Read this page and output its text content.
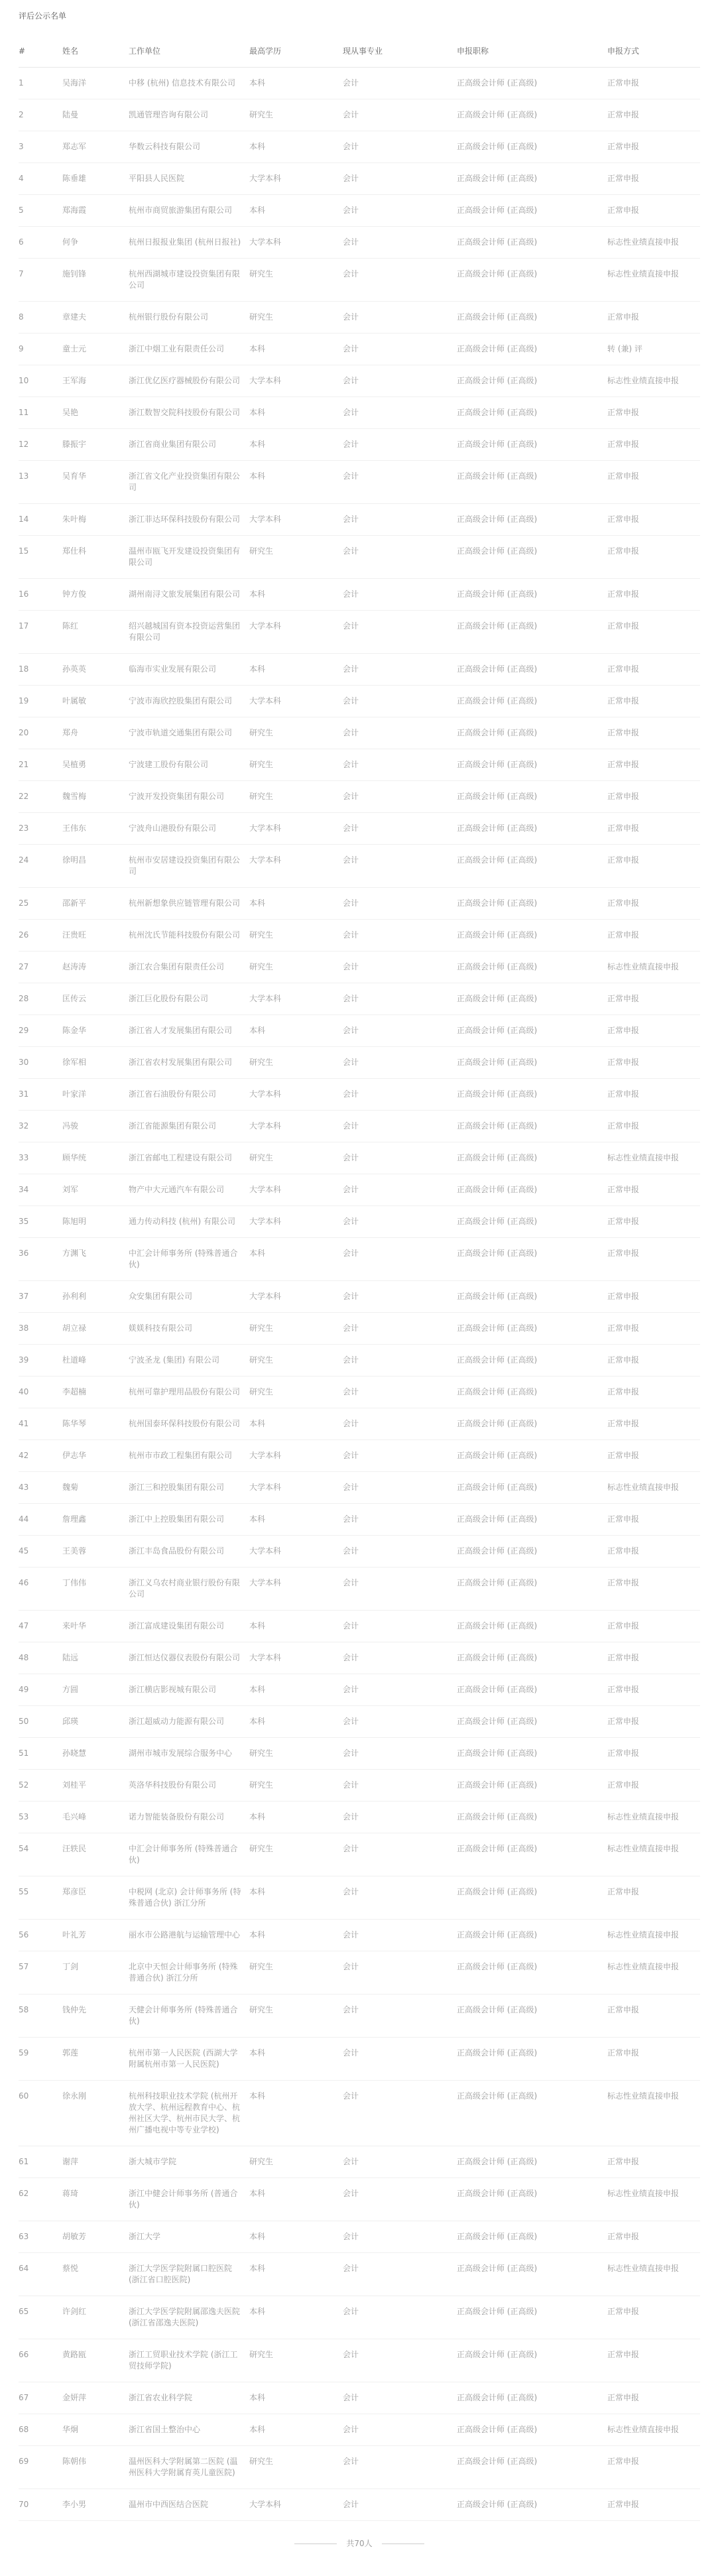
评后公示名单
#	姓名	工作单位	最高学历	现从事专业	申报职称	申报方式
1	吴海洋	中移 (杭州) 信息技术有限公司	本科	会计	正高级会计师 (正高级)	正常申报
2	陆曼	凯通管理咨询有限公司	研究生	会计	正高级会计师 (正高级)	正常申报
3	郑志军	华数云科技有限公司	本科	会计	正高级会计师 (正高级)	正常申报
4	陈垂雄	平阳县人民医院	大学本科	会计	正高级会计师 (正高级)	正常申报
5	郑海霞	杭州市商贸旅游集团有限公司	本科	会计	正高级会计师 (正高级)	正常申报
6	何争	杭州日报报业集团 (杭州日报社)	大学本科	会计	正高级会计师 (正高级)	标志性业绩直接申报
7	施钊锋	杭州西湖城市建设投资集团有限公司	研究生	会计	正高级会计师 (正高级)	标志性业绩直接申报
8	章建夫	杭州银行股份有限公司	研究生	会计	正高级会计师 (正高级)	正常申报
9	童士元	浙江中烟工业有限责任公司	本科	会计	正高级会计师 (正高级)	转 (兼) 评
10	王军海	浙江优亿医疗器械股份有限公司	大学本科	会计	正高级会计师 (正高级)	标志性业绩直接申报
11	吴艳	浙江数智交院科技股份有限公司	本科	会计	正高级会计师 (正高级)	正常申报
12	滕振宇	浙江省商业集团有限公司	本科	会计	正高级会计师 (正高级)	正常申报
13	吴育华	浙江省文化产业投资集团有限公司	本科	会计	正高级会计师 (正高级)	正常申报
14	朱叶梅	浙江菲达环保科技股份有限公司	大学本科	会计	正高级会计师 (正高级)	正常申报
15	郑仕科	温州市瓯飞开发建设投资集团有限公司	研究生	会计	正高级会计师 (正高级)	正常申报
16	钟方俊	湖州南浔文旅发展集团有限公司	本科	会计	正高级会计师 (正高级)	正常申报
17	陈红	绍兴越城国有资本投资运营集团有限公司	大学本科	会计	正高级会计师 (正高级)	正常申报
18	孙英英	临海市实业发展有限公司	本科	会计	正高级会计师 (正高级)	正常申报
19	叶属敏	宁波市海欣控股集团有限公司	大学本科	会计	正高级会计师 (正高级)	正常申报
20	郑舟	宁波市轨道交通集团有限公司	研究生	会计	正高级会计师 (正高级)	正常申报
21	吴植勇	宁波建工股份有限公司	研究生	会计	正高级会计师 (正高级)	正常申报
22	魏雪梅	宁波开发投资集团有限公司	研究生	会计	正高级会计师 (正高级)	正常申报
23	王伟东	宁波舟山港股份有限公司	大学本科	会计	正高级会计师 (正高级)	正常申报
24	徐明昌	杭州市安居建设投资集团有限公司	大学本科	会计	正高级会计师 (正高级)	正常申报
25	邵新平	杭州新想象供应链管理有限公司	本科	会计	正高级会计师 (正高级)	正常申报
26	汪贵旺	杭州沈氏节能科技股份有限公司	研究生	会计	正高级会计师 (正高级)	正常申报
27	赵涛涛	浙江农合集团有限责任公司	研究生	会计	正高级会计师 (正高级)	标志性业绩直接申报
28	匡传云	浙江巨化股份有限公司	大学本科	会计	正高级会计师 (正高级)	正常申报
29	陈金华	浙江省人才发展集团有限公司	本科	会计	正高级会计师 (正高级)	正常申报
30	徐军相	浙江省农村发展集团有限公司	研究生	会计	正高级会计师 (正高级)	正常申报
31	叶家洋	浙江省石油股份有限公司	大学本科	会计	正高级会计师 (正高级)	正常申报
32	冯骏	浙江省能源集团有限公司	大学本科	会计	正高级会计师 (正高级)	正常申报
33	顾华统	浙江省邮电工程建设有限公司	研究生	会计	正高级会计师 (正高级)	标志性业绩直接申报
34	刘军	物产中大元通汽车有限公司	大学本科	会计	正高级会计师 (正高级)	正常申报
35	陈旭明	通力传动科技 (杭州) 有限公司	大学本科	会计	正高级会计师 (正高级)	正常申报
36	方渊飞	中汇会计师事务所 (特殊普通合伙)	本科	会计	正高级会计师 (正高级)	正常申报
37	孙利利	众安集团有限公司	大学本科	会计	正高级会计师 (正高级)	正常申报
38	胡立禄	媄媄科技有限公司	研究生	会计	正高级会计师 (正高级)	正常申报
39	杜道峰	宁波圣龙 (集团) 有限公司	研究生	会计	正高级会计师 (正高级)	正常申报
40	李超楠	杭州可靠护理用品股份有限公司	研究生	会计	正高级会计师 (正高级)	正常申报
41	陈华琴	杭州国泰环保科技股份有限公司	本科	会计	正高级会计师 (正高级)	正常申报
42	伊志华	杭州市市政工程集团有限公司	大学本科	会计	正高级会计师 (正高级)	正常申报
43	魏菊	浙江三和控股集团有限公司	大学本科	会计	正高级会计师 (正高级)	标志性业绩直接申报
44	詹理鑫	浙江中上控股集团有限公司	本科	会计	正高级会计师 (正高级)	正常申报
45	王美蓉	浙江丰岛食品股份有限公司	大学本科	会计	正高级会计师 (正高级)	正常申报
46	丁伟伟	浙江义乌农村商业银行股份有限公司	大学本科	会计	正高级会计师 (正高级)	正常申报
47	来叶华	浙江富成建设集团有限公司	本科	会计	正高级会计师 (正高级)	正常申报
48	陆远	浙江恒达仪器仪表股份有限公司	大学本科	会计	正高级会计师 (正高级)	正常申报
49	方圆	浙江横店影视城有限公司	本科	会计	正高级会计师 (正高级)	正常申报
50	邱瑛	浙江超威动力能源有限公司	本科	会计	正高级会计师 (正高级)	正常申报
51	孙晓慧	湖州市城市发展综合服务中心	研究生	会计	正高级会计师 (正高级)	正常申报
52	刘桂平	英洛华科技股份有限公司	研究生	会计	正高级会计师 (正高级)	正常申报
53	毛兴峰	诺力智能装备股份有限公司	本科	会计	正高级会计师 (正高级)	标志性业绩直接申报
54	汪轶民	中汇会计师事务所 (特殊普通合伙)	研究生	会计	正高级会计师 (正高级)	标志性业绩直接申报
55	郑彦臣	中税网 (北京) 会计师事务所 (特殊普通合伙) 浙江分所	本科	会计	正高级会计师 (正高级)	正常申报
56	叶礼芳	丽水市公路港航与运输管理中心	本科	会计	正高级会计师 (正高级)	标志性业绩直接申报
57	丁剑	北京中天恒会计师事务所 (特殊普通合伙) 浙江分所	研究生	会计	正高级会计师 (正高级)	标志性业绩直接申报
58	钱仲先	天健会计师事务所 (特殊普通合伙)	研究生	会计	正高级会计师 (正高级)	正常申报
59	郭莲	杭州市第一人民医院 (西湖大学附属杭州市第一人民医院)	本科	会计	正高级会计师 (正高级)	正常申报
60	徐永刚	杭州科技职业技术学院 (杭州开放大学、杭州远程教育中心、杭州社区大学、杭州市民大学、杭州广播电视中等专业学校)	本科	会计	正高级会计师 (正高级)	标志性业绩直接申报
61	谢萍	浙大城市学院	研究生	会计	正高级会计师 (正高级)	正常申报
62	蒋琦	浙江中健会计师事务所 (普通合伙)	本科	会计	正高级会计师 (正高级)	标志性业绩直接申报
63	胡敏芳	浙江大学	本科	会计	正高级会计师 (正高级)	正常申报
64	蔡悦	浙江大学医学院附属口腔医院 (浙江省口腔医院)	本科	会计	正高级会计师 (正高级)	标志性业绩直接申报
65	许剑红	浙江大学医学院附属邵逸夫医院 (浙江省邵逸夫医院)	本科	会计	正高级会计师 (正高级)	正常申报
66	黄路瓯	浙江工贸职业技术学院 (浙江工贸技师学院)	研究生	会计	正高级会计师 (正高级)	正常申报
67	金妍萍	浙江省农业科学院	本科	会计	正高级会计师 (正高级)	正常申报
68	华炯	浙江省国土整治中心	本科	会计	正高级会计师 (正高级)	标志性业绩直接申报
69	陈朝伟	温州医科大学附属第二医院 (温州医科大学附属育英儿童医院)	研究生	会计	正高级会计师 (正高级)	正常申报
70	李小男	温州市中西医结合医院	大学本科	会计	正高级会计师 (正高级)	正常申报
共70人
